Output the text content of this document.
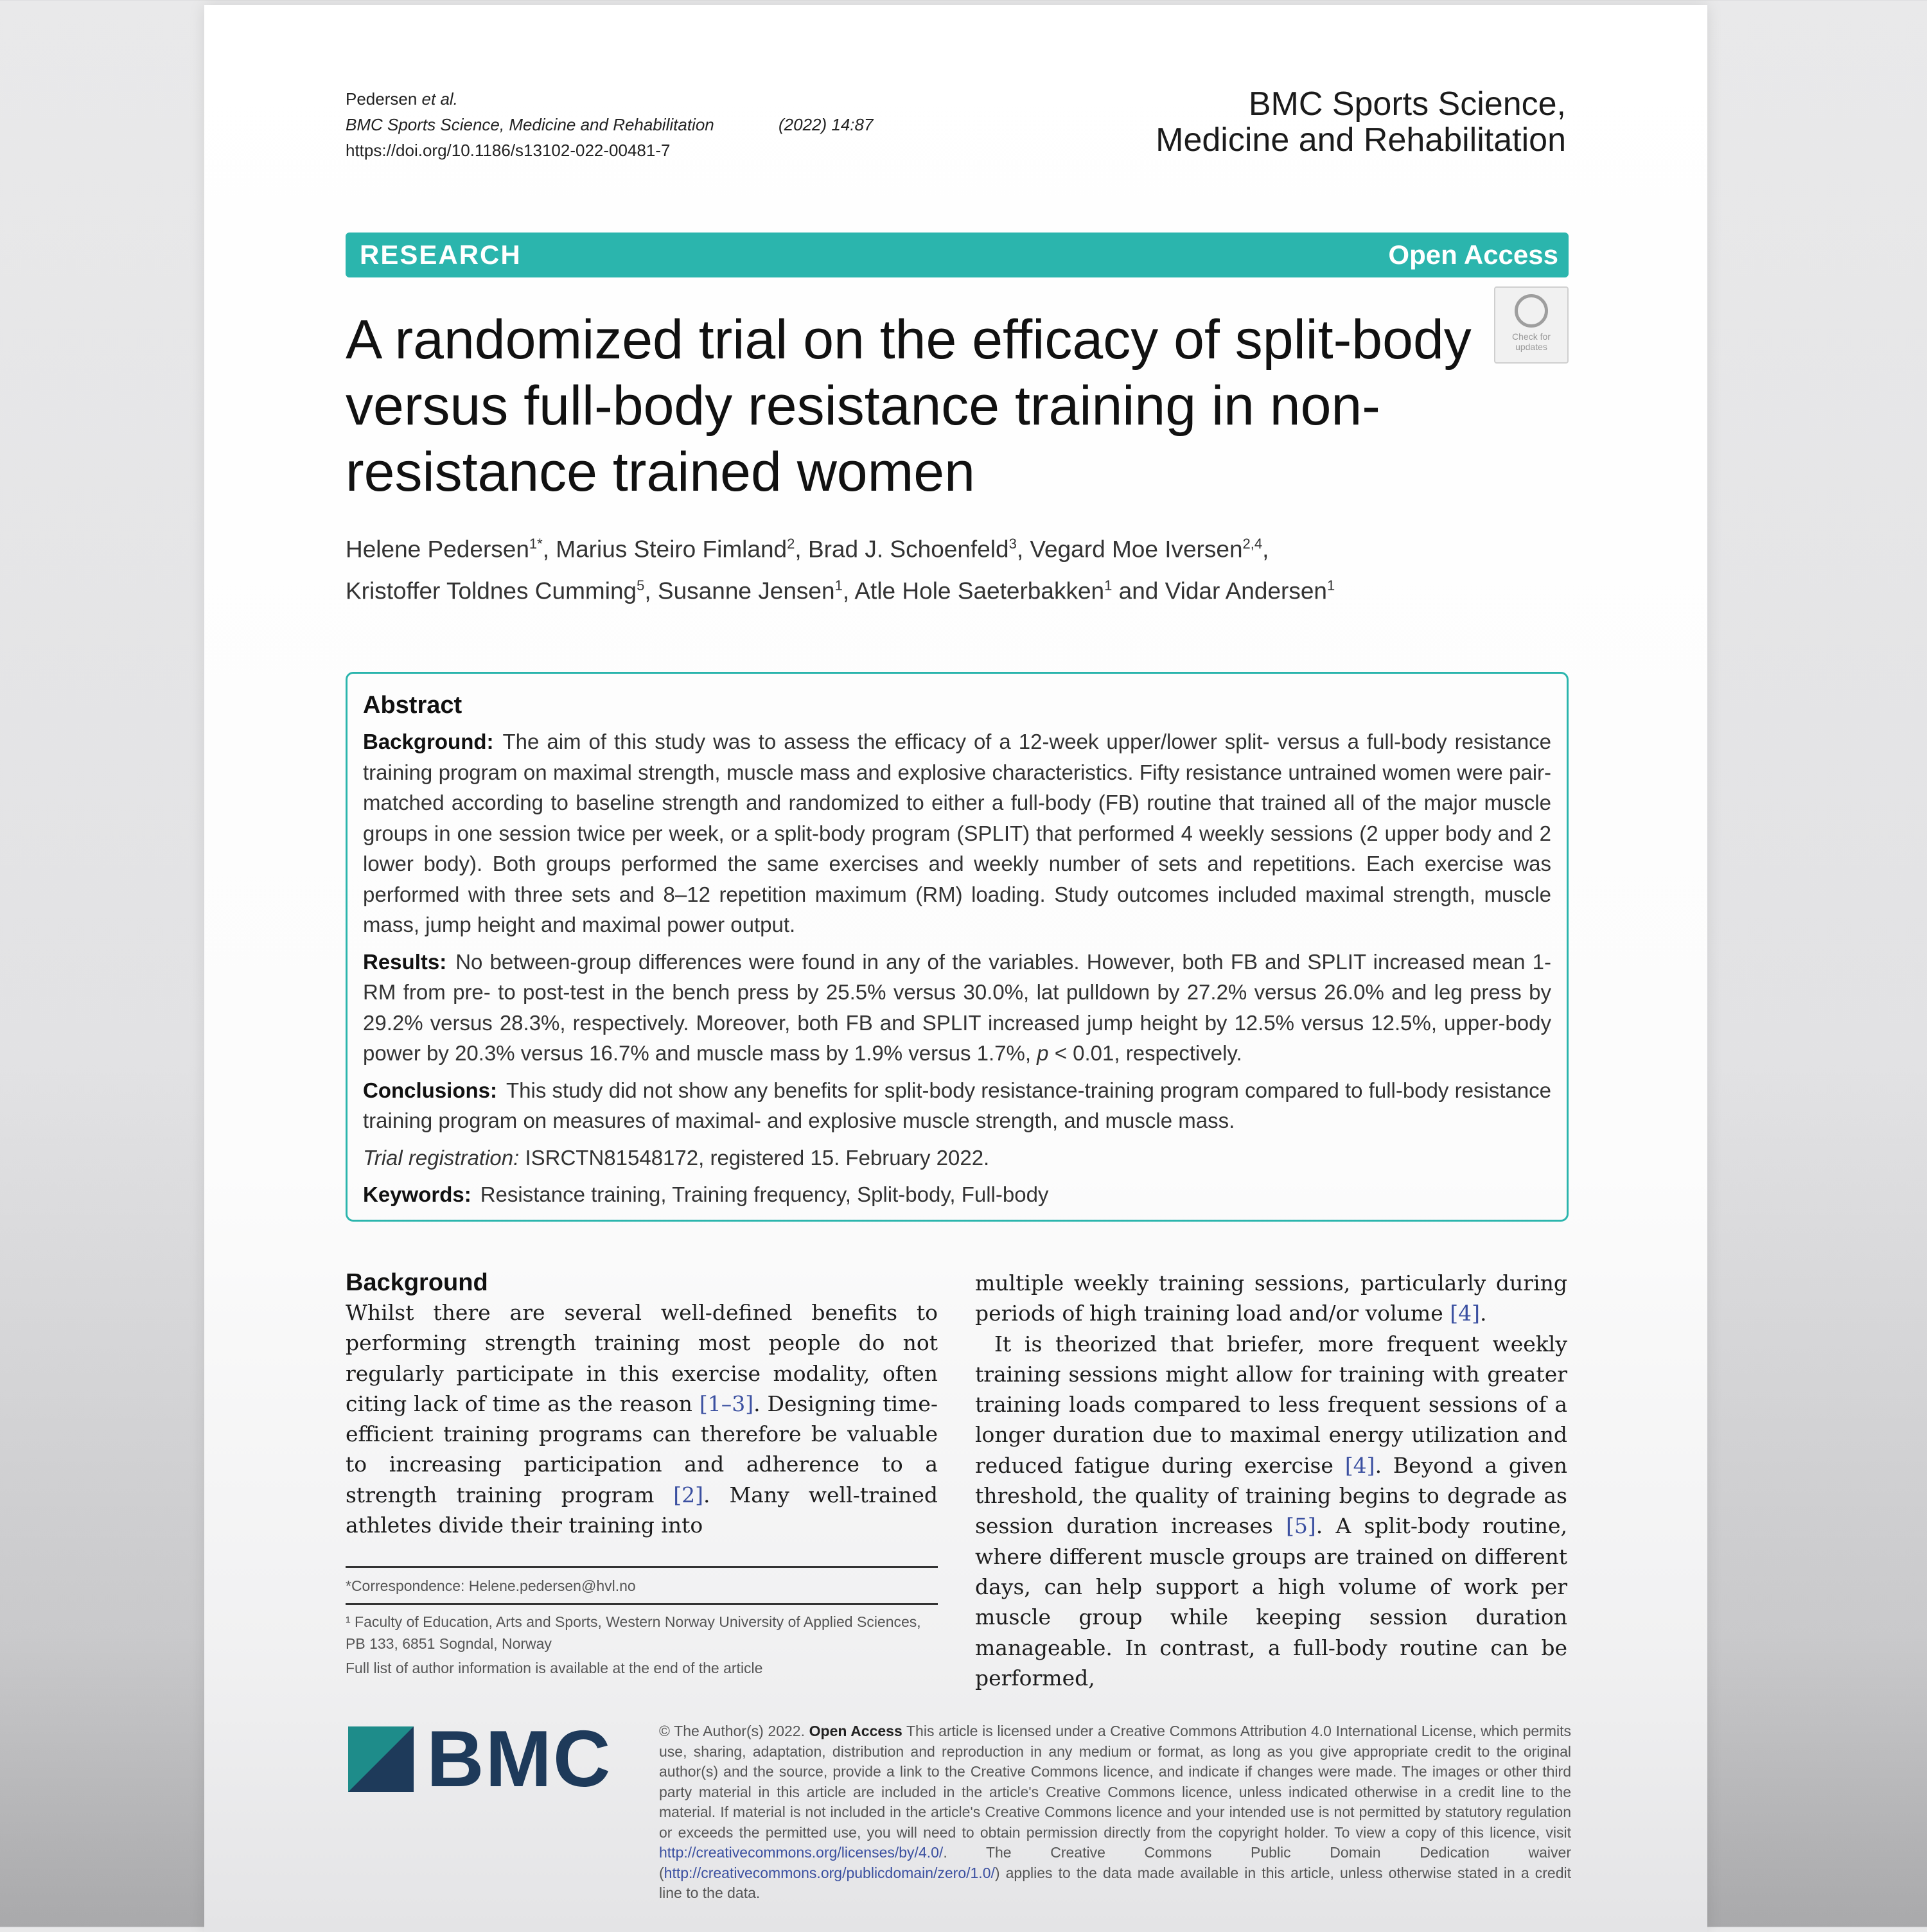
Pedersen et al.
BMC Sports Science, Medicine and Rehabilitation	(2022) 14:87
https://doi.org/10.1186/s13102-022-00481-7
BMC Sports Science,
Medicine and Rehabilitation
RESEARCH	Open Access
Check for updates
A randomized trial on the efficacy of split-body versus full-body resistance training in non-resistance trained women
Helene Pedersen$^{1*}$, Marius Steiro Fimland$^2$, Brad J. Schoenfeld$^3$, Vegard Moe Iversen$^{2,4}$,
Kristoffer Toldnes Cumming$^5$, Susanne Jensen$^1$, Atle Hole Saeterbakken$^1$ and Vidar Andersen$^1$
Abstract

Background: The aim of this study was to assess the efficacy of a 12-week upper/lower split- versus a full-body resistance training program on maximal strength, muscle mass and explosive characteristics. Fifty resistance untrained women were pair-matched according to baseline strength and randomized to either a full-body (FB) routine that trained all of the major muscle groups in one session twice per week, or a split-body program (SPLIT) that performed 4 weekly sessions (2 upper body and 2 lower body). Both groups performed the same exercises and weekly number of sets and repetitions. Each exercise was performed with three sets and 8–12 repetition maximum (RM) loading. Study outcomes included maximal strength, muscle mass, jump height and maximal power output.

Results: No between-group differences were found in any of the variables. However, both FB and SPLIT increased mean 1-RM from pre- to post-test in the bench press by 25.5% versus 30.0%, lat pulldown by 27.2% versus 26.0% and leg press by 29.2% versus 28.3%, respectively. Moreover, both FB and SPLIT increased jump height by 12.5% versus 12.5%, upper-body power by 20.3% versus 16.7% and muscle mass by 1.9% versus 1.7%, p < 0.01, respectively.

Conclusions: This study did not show any benefits for split-body resistance-training program compared to full-body resistance training program on measures of maximal- and explosive muscle strength, and muscle mass.

Trial registration: ISRCTN81548172, registered 15. February 2022.

Keywords: Resistance training, Training frequency, Split-body, Full-body

Background

Whilst there are several well-defined benefits to performing strength training most people do not regularly participate in this exercise modality, often citing lack of time as the reason [1–3]. Designing time-efficient training programs can therefore be valuable to increasing participation and adherence to a strength training program [2]. Many well-trained athletes divide their training into

multiple weekly training sessions, particularly during periods of high training load and/or volume [4].

It is theorized that briefer, more frequent weekly training sessions might allow for training with greater training loads compared to less frequent sessions of a longer duration due to maximal energy utilization and reduced fatigue during exercise [4]. Beyond a given threshold, the quality of training begins to degrade as session duration increases [5]. A split-body routine, where different muscle groups are trained on different days, can help support a high volume of work per muscle group while keeping session duration manageable. In contrast, a full-body routine can be performed,

*Correspondence: Helene.pedersen@hvl.no
¹ Faculty of Education, Arts and Sports, Western Norway University of Applied Sciences, PB 133, 6851 Sogndal, Norway
Full list of author information is available at the end of the article
BMC	© The Author(s) 2022. Open Access This article is licensed under a Creative Commons Attribution 4.0 International License, which permits use, sharing, adaptation, distribution and reproduction in any medium or format, as long as you give appropriate credit to the original author(s) and the source, provide a link to the Creative Commons licence, and indicate if changes were made. The images or other third party material in this article are included in the article's Creative Commons licence, unless indicated otherwise in a credit line to the material. If material is not included in the article's Creative Commons licence and your intended use is not permitted by statutory regulation or exceeds the permitted use, you will need to obtain permission directly from the copyright holder. To view a copy of this licence, visit http://creativecommons.org/licenses/by/4.0/. The Creative Commons Public Domain Dedication waiver (http://creativecommons.org/publicdomain/zero/1.0/) applies to the data made available in this article, unless otherwise stated in a credit line to the data.
